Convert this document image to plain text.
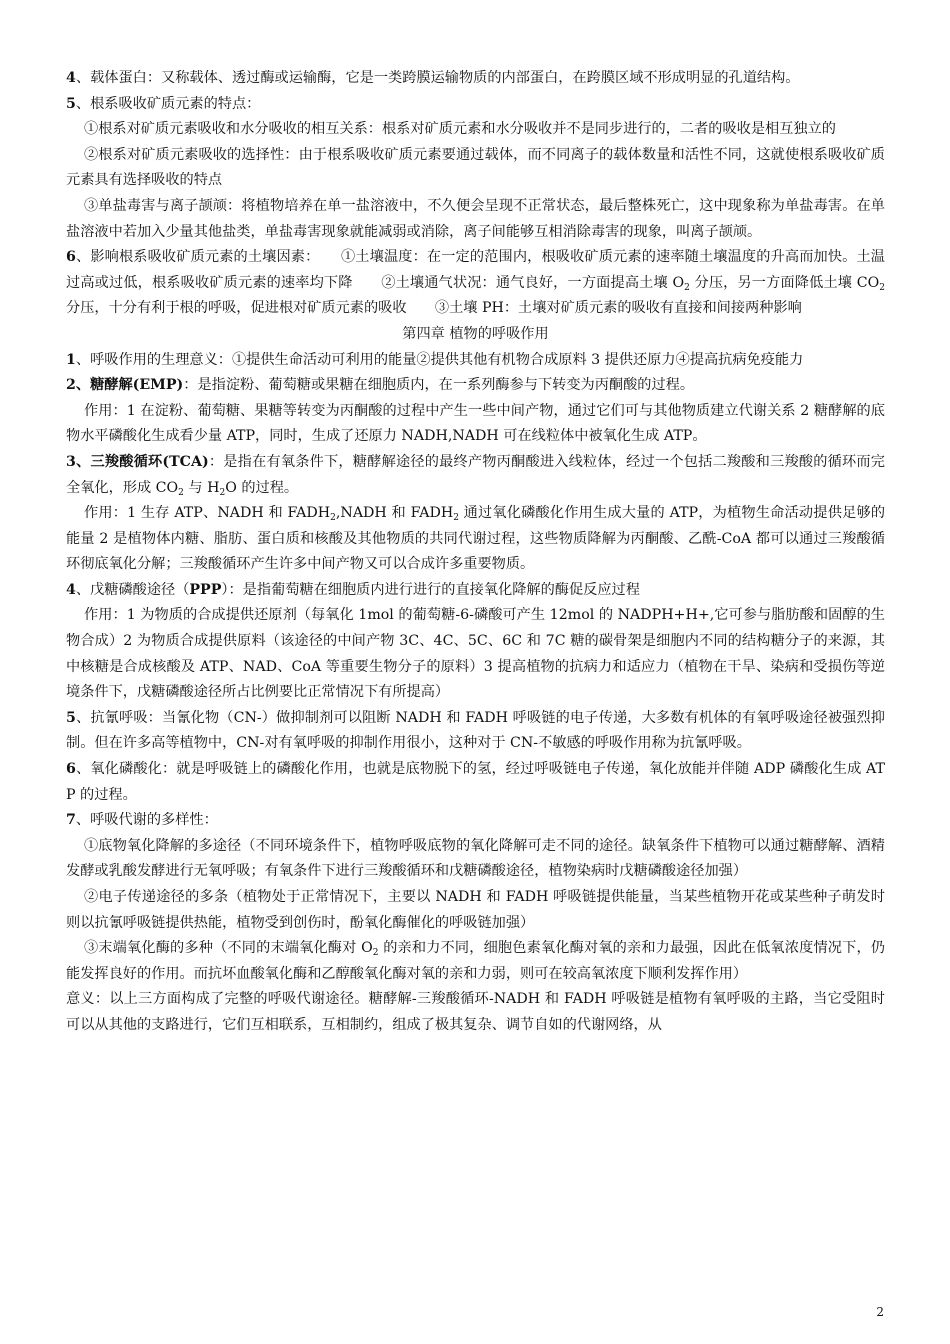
4、载体蛋白：又称载体、透过酶或运输酶，它是一类跨膜运输物质的内部蛋白，在跨膜区域不形成明显的孔道结构。

5、根系吸收矿质元素的特点：

①根系对矿质元素吸收和水分吸收的相互关系：根系对矿质元素和水分吸收并不是同步进行的，二者的吸收是相互独立的

②根系对矿质元素吸收的选择性：由于根系吸收矿质元素要通过载体，而不同离子的载体数量和活性不同，这就使根系吸收矿质元素具有选择吸收的特点

③单盐毒害与离子颉颃：将植物培养在单一盐溶液中，不久便会呈现不正常状态，最后整株死亡，这中现象称为单盐毒害。在单盐溶液中若加入少量其他盐类，单盐毒害现象就能减弱或消除，离子间能够互相消除毒害的现象，叫离子颉颃。

6、影响根系吸收矿质元素的土壤因素：　　①土壤温度：在一定的范围内，根吸收矿质元素的速率随土壤温度的升高而加快。土温过高或过低，根系吸收矿质元素的速率均下降　　②土壤通气状况：通气良好，一方面提高土壤 $O_2$ 分压，另一方面降低土壤 $CO_2$ 分压，十分有利于根的呼吸，促进根对矿质元素的吸收　　③土壤 PH：土壤对矿质元素的吸收有直接和间接两种影响

第四章 植物的呼吸作用

1、呼吸作用的生理意义：①提供生命活动可利用的能量②提供其他有机物合成原料 3 提供还原力④提高抗病免疫能力

2、糖酵解(EMP)：是指淀粉、葡萄糖或果糖在细胞质内，在一系列酶参与下转变为丙酮酸的过程。

作用：1 在淀粉、葡萄糖、果糖等转变为丙酮酸的过程中产生一些中间产物，通过它们可与其他物质建立代谢关系 2 糖酵解的底物水平磷酸化生成看少量 ATP，同时，生成了还原力 NADH,NADH 可在线粒体中被氧化生成 ATP。

3、三羧酸循环(TCA)：是指在有氧条件下，糖酵解途径的最终产物丙酮酸进入线粒体，经过一个包括二羧酸和三羧酸的循环而完全氧化，形成 $CO_2$ 与 $H_2O$ 的过程。

作用：1 生存 ATP、NADH 和 $FADH_2,NADH$ 和 $FADH_2$ 通过氧化磷酸化作用生成大量的 ATP，为植物生命活动提供足够的能量 2 是植物体内糖、脂肪、蛋白质和核酸及其他物质的共同代谢过程，这些物质降解为丙酮酸、乙酰-CoA 都可以通过三羧酸循环彻底氧化分解；三羧酸循环产生许多中间产物又可以合成许多重要物质。

4、戊糖磷酸途径（PPP）：是指葡萄糖在细胞质内进行进行的直接氧化降解的酶促反应过程

作用：1 为物质的合成提供还原剂（每氧化 1mol 的葡萄糖-6-磷酸可产生 12mol 的 NADPH+H+,它可参与脂肪酸和固醇的生物合成）2 为物质合成提供原料（该途径的中间产物 3C、4C、5C、6C 和 7C 糖的碳骨架是细胞内不同的结构糖分子的来源，其中核糖是合成核酸及 ATP、NAD、CoA 等重要生物分子的原料）3 提高植物的抗病力和适应力（植物在干旱、染病和受损伤等逆境条件下，戊糖磷酸途径所占比例要比正常情况下有所提高）

5、抗氰呼吸：当氰化物（CN-）做抑制剂可以阻断 NADH 和 FADH 呼吸链的电子传递，大多数有机体的有氧呼吸途径被强烈抑制。但在许多高等植物中，CN-对有氧呼吸的抑制作用很小，这种对于 CN-不敏感的呼吸作用称为抗氰呼吸。

6、氧化磷酸化：就是呼吸链上的磷酸化作用，也就是底物脱下的氢，经过呼吸链电子传递，氧化放能并伴随 ADP 磷酸化生成 ATP 的过程。

7、呼吸代谢的多样性：

①底物氧化降解的多途径（不同环境条件下，植物呼吸底物的氧化降解可走不同的途径。缺氧条件下植物可以通过糖酵解、酒精发酵或乳酸发酵进行无氧呼吸；有氧条件下进行三羧酸循环和戊糖磷酸途径，植物染病时戊糖磷酸途径加强）

②电子传递途径的多条（植物处于正常情况下，主要以 NADH 和 FADH 呼吸链提供能量，当某些植物开花或某些种子萌发时则以抗氰呼吸链提供热能，植物受到创伤时，酚氧化酶催化的呼吸链加强）

③末端氧化酶的多种（不同的末端氧化酶对 $O_2$ 的亲和力不同，细胞色素氧化酶对氧的亲和力最强，因此在低氧浓度情况下，仍能发挥良好的作用。而抗坏血酸氧化酶和乙醇酸氧化酶对氧的亲和力弱，则可在较高氧浓度下顺利发挥作用）

意义：以上三方面构成了完整的呼吸代谢途径。糖酵解-三羧酸循环-NADH 和 FADH 呼吸链是植物有氧呼吸的主路，当它受阻时可以从其他的支路进行，它们互相联系，互相制约，组成了极其复杂、调节自如的代谢网络，从

2
